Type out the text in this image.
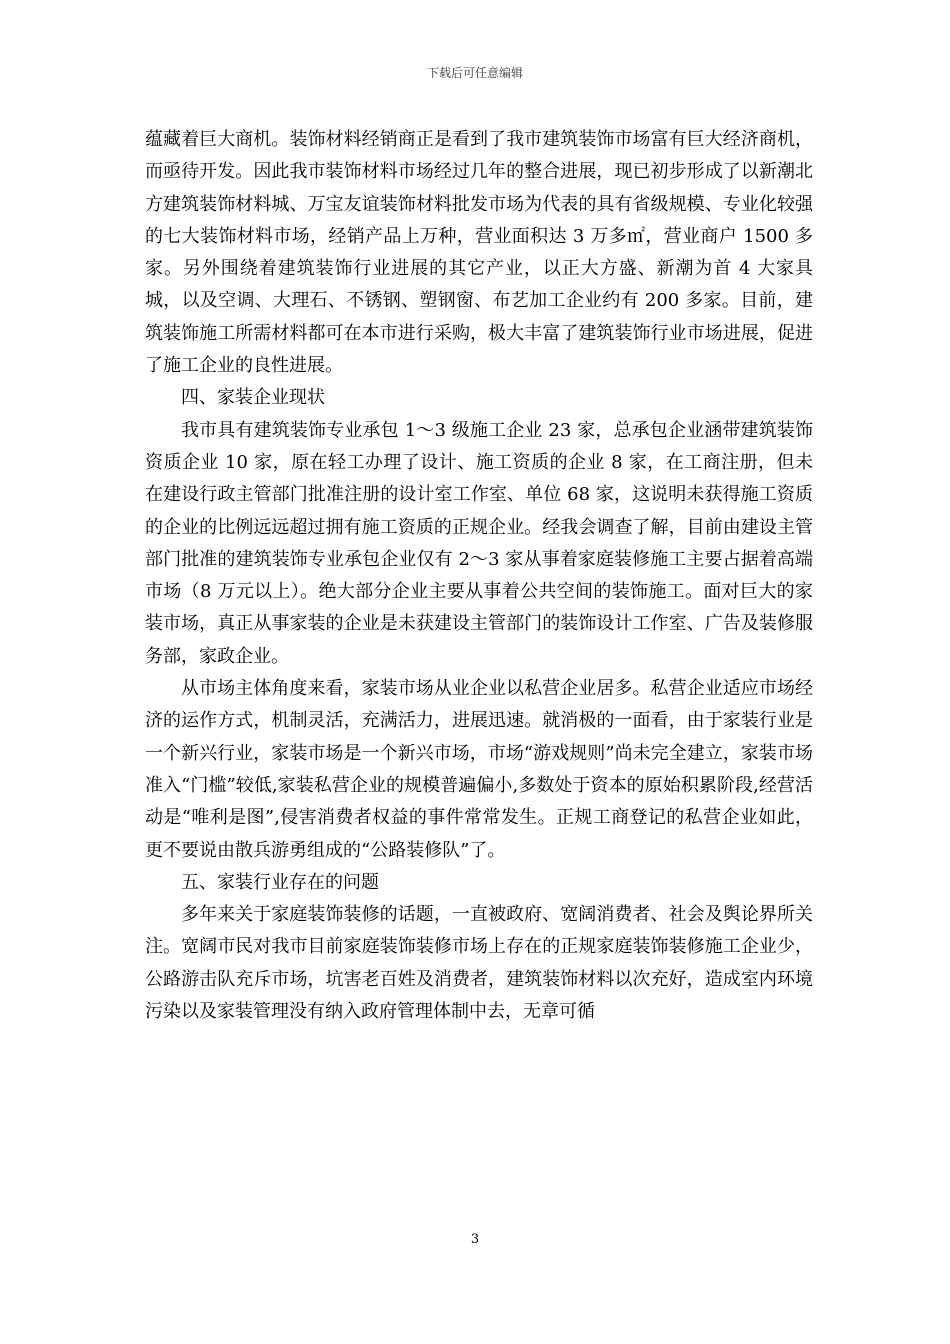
下载后可任意编辑

蕴藏着巨大商机。装饰材料经销商正是看到了我市建筑装饰市场富有巨大经济商机，而亟待开发。因此我市装饰材料市场经过几年的整合进展，现已初步形成了以新潮北方建筑装饰材料城、万宝友谊装饰材料批发市场为代表的具有省级规模、专业化较强的七大装饰材料市场，经销产品上万种，营业面积达 3 万多㎡，营业商户 1500 多家。另外围绕着建筑装饰行业进展的其它产业，以正大方盛、新潮为首 4 大家具城，以及空调、大理石、不锈钢、塑钢窗、布艺加工企业约有 200 多家。目前，建筑装饰施工所需材料都可在本市进行采购，极大丰富了建筑装饰行业市场进展，促进了施工企业的良性进展。

四、家装企业现状

我市具有建筑装饰专业承包 1～3 级施工企业 23 家，总承包企业涵带建筑装饰资质企业 10 家，原在轻工办理了设计、施工资质的企业 8 家，在工商注册，但未在建设行政主管部门批准注册的设计室工作室、单位 68 家，这说明未获得施工资质的企业的比例远远超过拥有施工资质的正规企业。经我会调查了解，目前由建设主管部门批准的建筑装饰专业承包企业仅有 2～3 家从事着家庭装修施工主要占据着高端市场（8 万元以上）。绝大部分企业主要从事着公共空间的装饰施工。面对巨大的家装市场，真正从事家装的企业是未获建设主管部门的装饰设计工作室、广告及装修服务部，家政企业。

从市场主体角度来看，家装市场从业企业以私营企业居多。私营企业适应市场经济的运作方式，机制灵活，充满活力，进展迅速。就消极的一面看，由于家装行业是一个新兴行业，家装市场是一个新兴市场，市场“游戏规则”尚未完全建立，家装市场准入“门槛”较低,家装私营企业的规模普遍偏小,多数处于资本的原始积累阶段,经营活动是“唯利是图”,侵害消费者权益的事件常常发生。正规工商登记的私营企业如此，更不要说由散兵游勇组成的“公路装修队”了。

五、家装行业存在的问题

多年来关于家庭装饰装修的话题，一直被政府、宽阔消费者、社会及舆论界所关注。宽阔市民对我市目前家庭装饰装修市场上存在的正规家庭装饰装修施工企业少，公路游击队充斥市场，坑害老百姓及消费者，建筑装饰材料以次充好，造成室内环境污染以及家装管理没有纳入政府管理体制中去，无章可循

3
